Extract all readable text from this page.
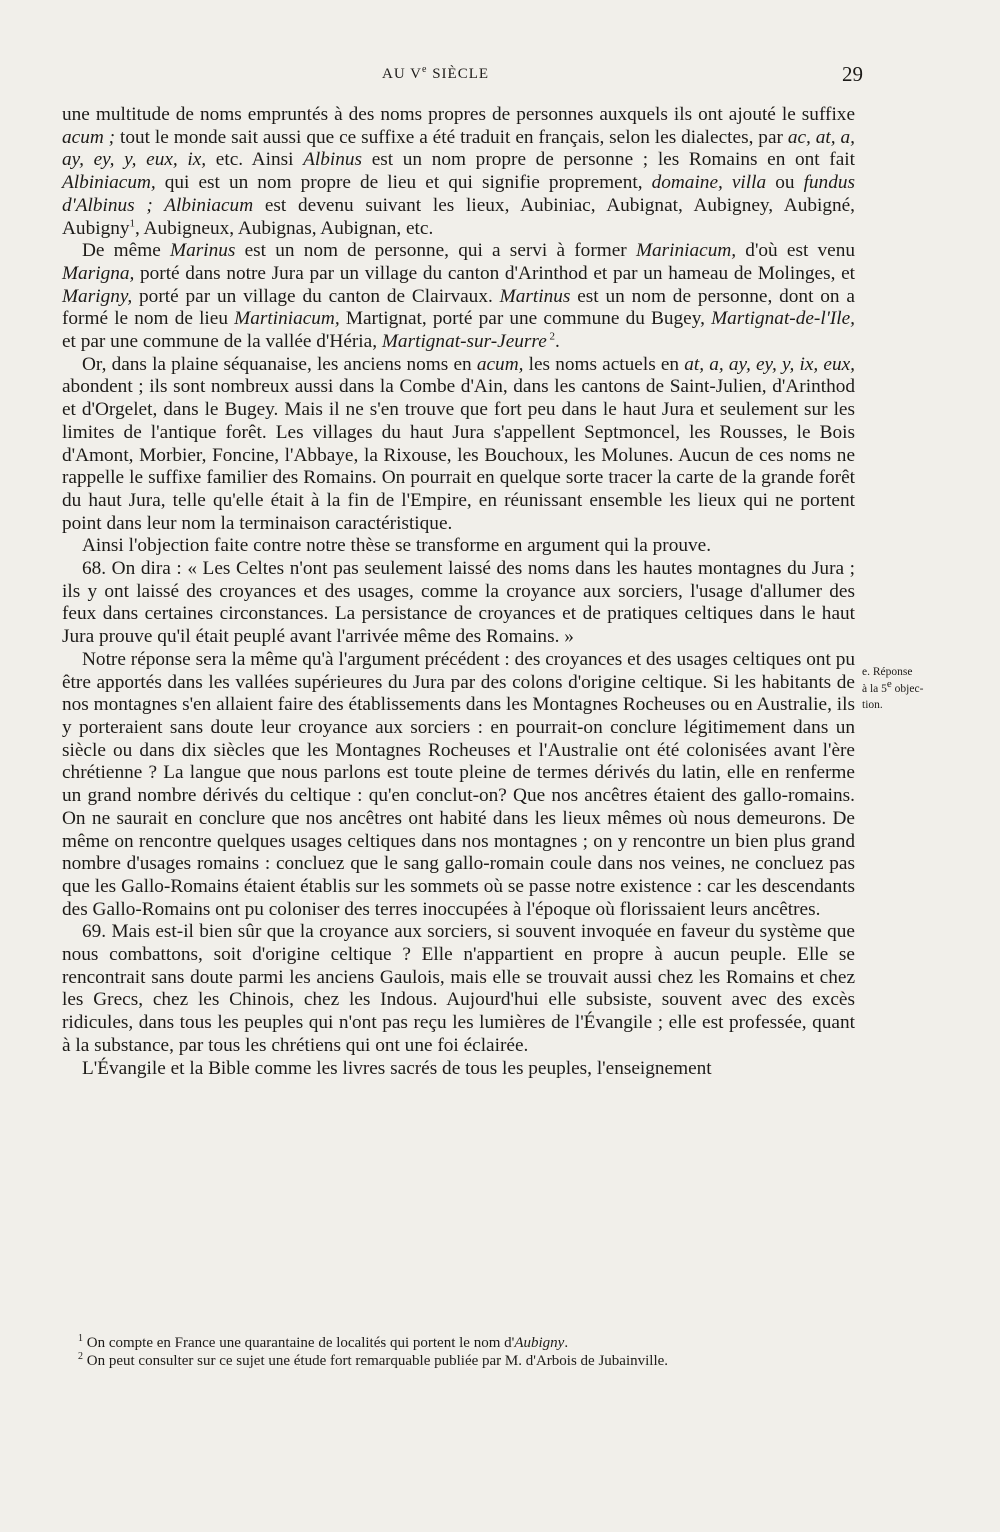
AU Ve SIÈCLE	29

une multitude de noms empruntés à des noms propres de personnes auxquels ils ont ajouté le suffixe acum ; tout le monde sait aussi que ce suffixe a été traduit en français, selon les dialectes, par ac, at, a, ay, ey, y, eux, ix, etc. Ainsi Albinus est un nom propre de personne ; les Romains en ont fait Albiniacum, qui est un nom propre de lieu et qui signifie proprement, domaine, villa ou fundus d'Albinus ; Albiniacum est devenu suivant les lieux, Aubiniac, Aubignat, Aubigney, Aubigné, Aubigny$^1$, Aubigneux, Aubignas, Aubignan, etc.

De même Marinus est un nom de personne, qui a servi à former Mariniacum, d'où est venu Marigna, porté dans notre Jura par un village du canton d'Arinthod et par un hameau de Molinges, et Marigny, porté par un village du canton de Clairvaux. Martinus est un nom de personne, dont on a formé le nom de lieu Martiniacum, Martignat, porté par une commune du Bugey, Martignat-de-l'Ile, et par une commune de la vallée d'Héria, Martignat-sur-Jeurre $^2$.

Or, dans la plaine séquanaise, les anciens noms en acum, les noms actuels en at, a, ay, ey, y, ix, eux, abondent ; ils sont nombreux aussi dans la Combe d'Ain, dans les cantons de Saint-Julien, d'Arinthod et d'Orgelet, dans le Bugey. Mais il ne s'en trouve que fort peu dans le haut Jura et seulement sur les limites de l'antique forêt. Les villages du haut Jura s'appellent Septmoncel, les Rousses, le Bois d'Amont, Morbier, Foncine, l'Abbaye, la Rixouse, les Bouchoux, les Molunes. Aucun de ces noms ne rappelle le suffixe familier des Romains. On pourrait en quelque sorte tracer la carte de la grande forêt du haut Jura, telle qu'elle était à la fin de l'Empire, en réunissant ensemble les lieux qui ne portent point dans leur nom la terminaison caractéristique.

Ainsi l'objection faite contre notre thèse se transforme en argument qui la prouve.

68. On dira : « Les Celtes n'ont pas seulement laissé des noms dans les hautes montagnes du Jura ; ils y ont laissé des croyances et des usages, comme la croyance aux sorciers, l'usage d'allumer des feux dans certaines circonstances. La persistance de croyances et de pratiques celtiques dans le haut Jura prouve qu'il était peuplé avant l'arrivée même des Romains. »

Notre réponse sera la même qu'à l'argument précédent : des croyances et des usages celtiques ont pu être apportés dans les vallées supérieures du Jura par des colons d'origine celtique. Si les habitants de nos montagnes s'en allaient faire des établissements dans les Montagnes Rocheuses ou en Australie, ils y porteraient sans doute leur croyance aux sorciers : en pourrait-on conclure légitimement dans un siècle ou dans dix siècles que les Montagnes Rocheuses et l'Australie ont été colonisées avant l'ère chrétienne ? La langue que nous parlons est toute pleine de termes dérivés du latin, elle en renferme un grand nombre dérivés du celtique : qu'en conclut-on? Que nos ancêtres étaient des gallo-romains. On ne saurait en conclure que nos ancêtres ont habité dans les lieux mêmes où nous demeurons. De même on rencontre quelques usages celtiques dans nos montagnes ; on y rencontre un bien plus grand nombre d'usages romains : concluez que le sang gallo-romain coule dans nos veines, ne concluez pas que les Gallo-Romains étaient établis sur les sommets où se passe notre existence : car les descendants des Gallo-Romains ont pu coloniser des terres inoccupées à l'époque où florissaient leurs ancêtres.

69. Mais est-il bien sûr que la croyance aux sorciers, si souvent invoquée en faveur du système que nous combattons, soit d'origine celtique ? Elle n'appartient en propre à aucun peuple. Elle se rencontrait sans doute parmi les anciens Gaulois, mais elle se trouvait aussi chez les Romains et chez les Grecs, chez les Chinois, chez les Indous. Aujourd'hui elle subsiste, souvent avec des excès ridicules, dans tous les peuples qui n'ont pas reçu les lumières de l'Évangile ; elle est professée, quant à la substance, par tous les chrétiens qui ont une foi éclairée.

L'Évangile et la Bible comme les livres sacrés de tous les peuples, l'enseignement

e. Réponse
à la 5e objec-
tion.

$^1$ On compte en France une quarantaine de localités qui portent le nom d'Aubigny.

$^2$ On peut consulter sur ce sujet une étude fort remarquable publiée par M. d'Arbois de Jubainville.
